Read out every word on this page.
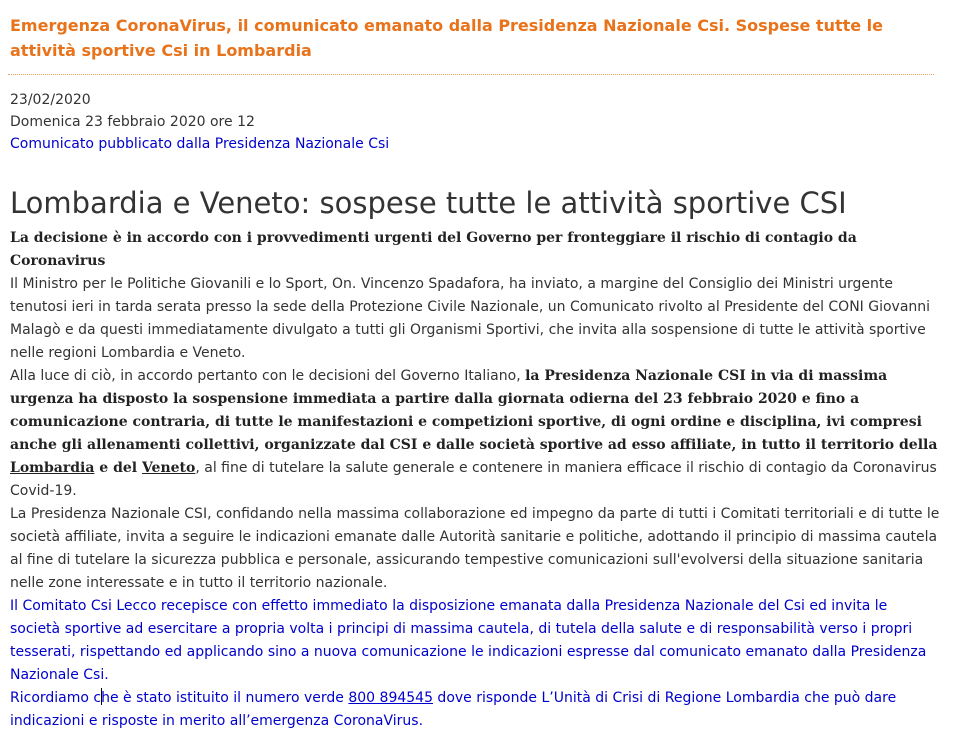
Emergenza CoronaVirus, il comunicato emanato dalla Presidenza Nazionale Csi. Sospese tutte le attività sportive Csi in Lombardia
23/02/2020
Domenica 23 febbraio 2020 ore 12
Comunicato pubblicato dalla Presidenza Nazionale Csi
Lombardia e Veneto: sospese tutte le attività sportive CSI

La decisione è in accordo con i provvedimenti urgenti del Governo per fronteggiare il rischio di contagio da Coronavirus

Il Ministro per le Politiche Giovanili e lo Sport, On. Vincenzo Spadafora, ha inviato, a margine del Consiglio dei Ministri urgente tenutosi ieri in tarda serata presso la sede della Protezione Civile Nazionale, un Comunicato rivolto al Presidente del CONI Giovanni Malagò e da questi immediatamente divulgato a tutti gli Organismi Sportivi, che invita alla sospensione di tutte le attività sportive nelle regioni Lombardia e Veneto.

Alla luce di ciò, in accordo pertanto con le decisioni del Governo Italiano, la Presidenza Nazionale CSI in via di massima urgenza ha disposto la sospensione immediata a partire dalla giornata odierna del 23 febbraio 2020 e fino a comunicazione contraria, di tutte le manifestazioni e competizioni sportive, di ogni ordine e disciplina, ivi compresi anche gli allenamenti collettivi, organizzate dal CSI e dalle società sportive ad esso affiliate, in tutto il territorio della Lombardia e del Veneto, al fine di tutelare la salute generale e contenere in maniera efficace il rischio di contagio da Coronavirus Covid-19.

La Presidenza Nazionale CSI, confidando nella massima collaborazione ed impegno da parte di tutti i Comitati territoriali e di tutte le società affiliate, invita a seguire le indicazioni emanate dalle Autorità sanitarie e politiche, adottando il principio di massima cautela al fine di tutelare la sicurezza pubblica e personale, assicurando tempestive comunicazioni sull'evolversi della situazione sanitaria nelle zone interessate e in tutto il territorio nazionale.

Il Comitato Csi Lecco recepisce con effetto immediato la disposizione emanata dalla Presidenza Nazionale del Csi ed invita le società sportive ad esercitare a propria volta i principi di massima cautela, di tutela della salute e di responsabilità verso i propri tesserati, rispettando ed applicando sino a nuova comunicazione le indicazioni espresse dal comunicato emanato dalla Presidenza Nazionale Csi.

Ricordiamo che è stato istituito il numero verde 800 894545 dove risponde L’Unità di Crisi di Regione Lombardia che può dare indicazioni e risposte in merito all’emergenza CoronaVirus.
